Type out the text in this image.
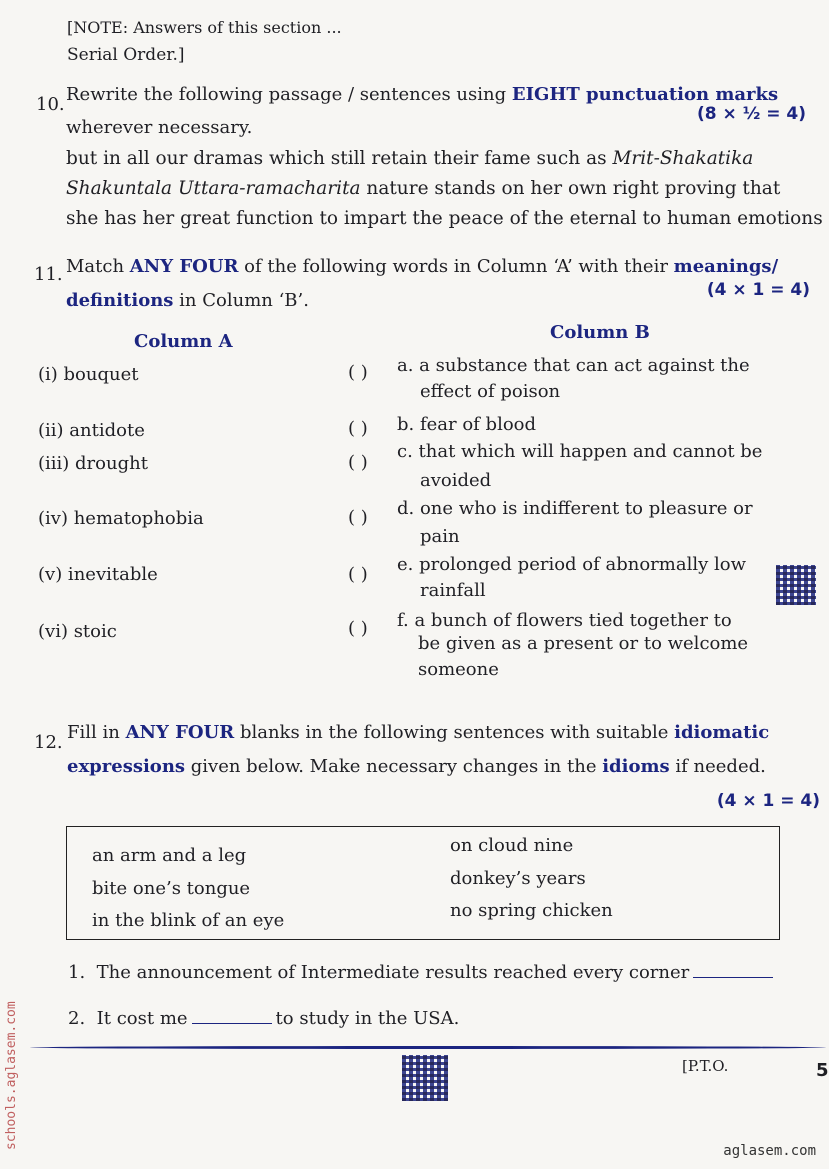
[NOTE: Answers of this section ...
Serial Order.]
10. Rewrite the following passage / sentences using EIGHT punctuation marks
wherever necessary.
(8 × ½ = 4)
but in all our dramas which still retain their fame such as Mrit-Shakatika
Shakuntala Uttara-ramacharita nature stands on her own right proving that
she has her great function to impart the peace of the eternal to human emotions
11. Match ANY FOUR of the following words in Column ‘A’ with their meanings/
definitions in Column ‘B’.	(4 × 1 = 4)
Column A	Column B
(i) bouquet	( ) a. a substance that can act against the
effect of poison
(ii) antidote	( ) b. fear of blood
(iii) drought	( )
c. that which will happen and cannot be
avoided
(iv) hematophobia	( ) d. one who is indifferent to pleasure or
pain
(v) inevitable	( ) e. prolonged period of abnormally low
rainfall
(vi) stoic	( ) f. a bunch of flowers tied together to
be given as a present or to welcome
someone
12. Fill in ANY FOUR blanks in the following sentences with suitable idiomatic
expressions given below. Make necessary changes in the idioms if needed.
(4 × 1 = 4)
an arm and a leg
bite one’s tongue
in the blink of an eye
on cloud nine
donkey’s years
no spring chicken
1. The announcement of Intermediate results reached every corner
2. It cost me	to study in the USA.
[P.T.O.	5
schools.aglasem.com
aglasem.com
